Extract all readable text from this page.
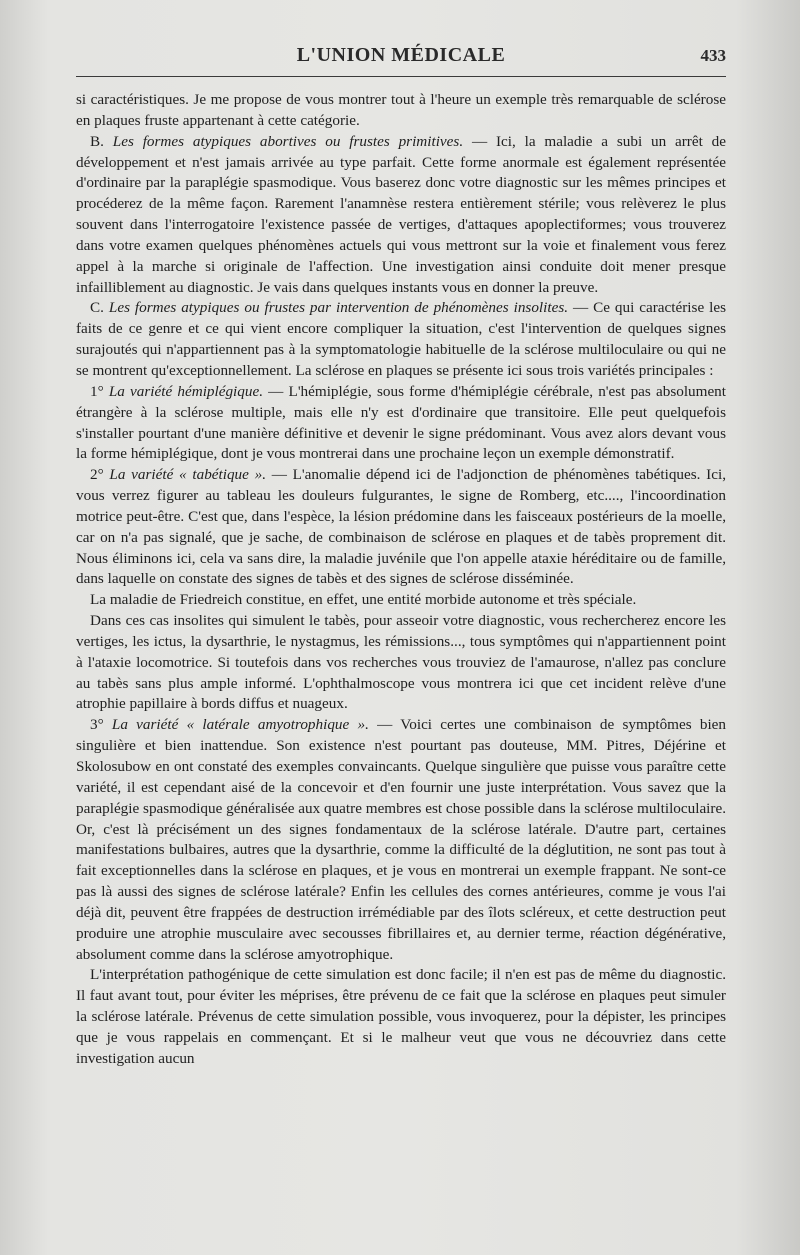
L'UNION MÉDICALE	433

si caractéristiques. Je me propose de vous montrer tout à l'heure un exemple très remarquable de sclérose en plaques fruste appartenant à cette catégorie.

B. Les formes atypiques abortives ou frustes primitives. — Ici, la maladie a subi un arrêt de développement et n'est jamais arrivée au type parfait. Cette forme anormale est également représentée d'ordinaire par la paraplégie spasmodique. Vous baserez donc votre diagnostic sur les mêmes principes et procéderez de la même façon. Rarement l'anamnèse restera entièrement stérile; vous relèverez le plus souvent dans l'interrogatoire l'existence passée de vertiges, d'attaques apoplectiformes; vous trouverez dans votre examen quelques phénomènes actuels qui vous mettront sur la voie et finalement vous ferez appel à la marche si originale de l'affection. Une investigation ainsi conduite doit mener presque infailliblement au diagnostic. Je vais dans quelques instants vous en donner la preuve.

C. Les formes atypiques ou frustes par intervention de phénomènes insolites. — Ce qui caractérise les faits de ce genre et ce qui vient encore compliquer la situation, c'est l'intervention de quelques signes surajoutés qui n'appartiennent pas à la symptomatologie habituelle de la sclérose multiloculaire ou qui ne se montrent qu'exceptionnellement. La sclérose en plaques se présente ici sous trois variétés principales :

1° La variété hémiplégique. — L'hémiplégie, sous forme d'hémiplégie cérébrale, n'est pas absolument étrangère à la sclérose multiple, mais elle n'y est d'ordinaire que transitoire. Elle peut quelquefois s'installer pourtant d'une manière définitive et devenir le signe prédominant. Vous avez alors devant vous la forme hémiplégique, dont je vous montrerai dans une prochaine leçon un exemple démonstratif.

2° La variété « tabétique ». — L'anomalie dépend ici de l'adjonction de phénomènes tabétiques. Ici, vous verrez figurer au tableau les douleurs fulgurantes, le signe de Romberg, etc...., l'incoordination motrice peut-être. C'est que, dans l'espèce, la lésion prédomine dans les faisceaux postérieurs de la moelle, car on n'a pas signalé, que je sache, de combinaison de sclérose en plaques et de tabès proprement dit. Nous éliminons ici, cela va sans dire, la maladie juvénile que l'on appelle ataxie héréditaire ou de famille, dans laquelle on constate des signes de tabès et des signes de sclérose disséminée.

La maladie de Friedreich constitue, en effet, une entité morbide autonome et très spéciale.

Dans ces cas insolites qui simulent le tabès, pour asseoir votre diagnostic, vous rechercherez encore les vertiges, les ictus, la dysarthrie, le nystagmus, les rémissions..., tous symptômes qui n'appartiennent point à l'ataxie locomotrice. Si toutefois dans vos recherches vous trouviez de l'amaurose, n'allez pas conclure au tabès sans plus ample informé. L'ophthalmoscope vous montrera ici que cet incident relève d'une atrophie papillaire à bords diffus et nuageux.

3° La variété « latérale amyotrophique ». — Voici certes une combinaison de symptômes bien singulière et bien inattendue. Son existence n'est pourtant pas douteuse, MM. Pitres, Déjérine et Skolosubow en ont constaté des exemples convaincants. Quelque singulière que puisse vous paraître cette variété, il est cependant aisé de la concevoir et d'en fournir une juste interprétation. Vous savez que la paraplégie spasmodique généralisée aux quatre membres est chose possible dans la sclérose multiloculaire. Or, c'est là précisément un des signes fondamentaux de la sclérose latérale. D'autre part, certaines manifestations bulbaires, autres que la dysarthrie, comme la difficulté de la déglutition, ne sont pas tout à fait exceptionnelles dans la sclérose en plaques, et je vous en montrerai un exemple frappant. Ne sont-ce pas là aussi des signes de sclérose latérale? Enfin les cellules des cornes antérieures, comme je vous l'ai déjà dit, peuvent être frappées de destruction irrémédiable par des îlots scléreux, et cette destruction peut produire une atrophie musculaire avec secousses fibrillaires et, au dernier terme, réaction dégénérative, absolument comme dans la sclérose amyotrophique.

L'interprétation pathogénique de cette simulation est donc facile; il n'en est pas de même du diagnostic. Il faut avant tout, pour éviter les méprises, être prévenu de ce fait que la sclérose en plaques peut simuler la sclérose latérale. Prévenus de cette simulation possible, vous invoquerez, pour la dépister, les principes que je vous rappelais en commençant. Et si le malheur veut que vous ne découvriez dans cette investigation aucun
